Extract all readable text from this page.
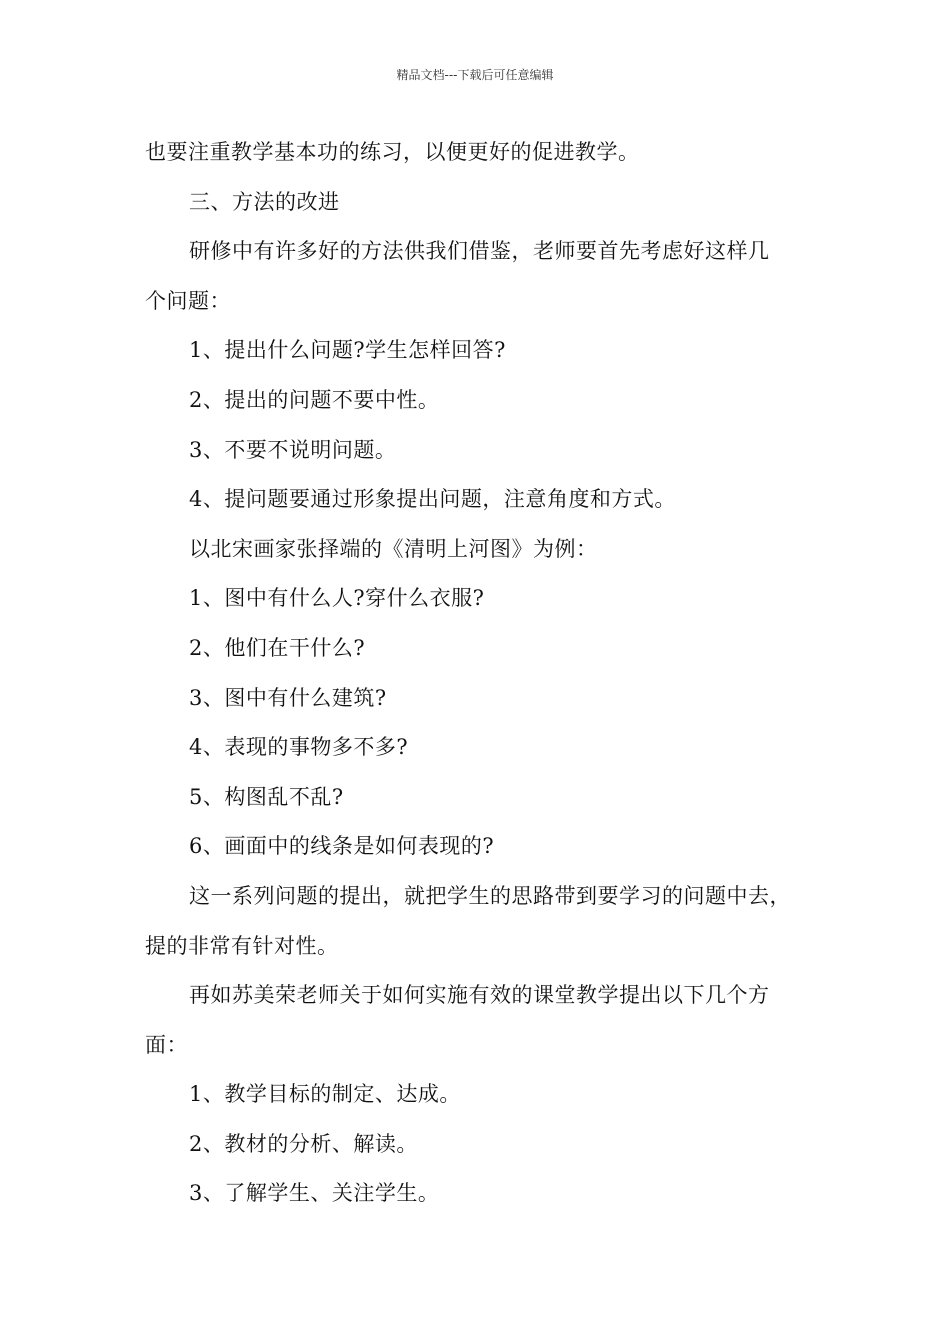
精品文档---下载后可任意编辑
也要注重教学基本功的练习，以便更好的促进教学。
三、方法的改进
研修中有许多好的方法供我们借鉴，老师要首先考虑好这样几
个问题：
1、提出什么问题?学生怎样回答?
2、提出的问题不要中性。
3、不要不说明问题。
4、提问题要通过形象提出问题，注意角度和方式。
以北宋画家张择端的《清明上河图》为例：
1、图中有什么人?穿什么衣服?
2、他们在干什么?
3、图中有什么建筑?
4、表现的事物多不多?
5、构图乱不乱?
6、画面中的线条是如何表现的?
这一系列问题的提出，就把学生的思路带到要学习的问题中去，
提的非常有针对性。
再如苏美荣老师关于如何实施有效的课堂教学提出以下几个方
面：
1、教学目标的制定、达成。
2、教材的分析、解读。
3、了解学生、关注学生。
